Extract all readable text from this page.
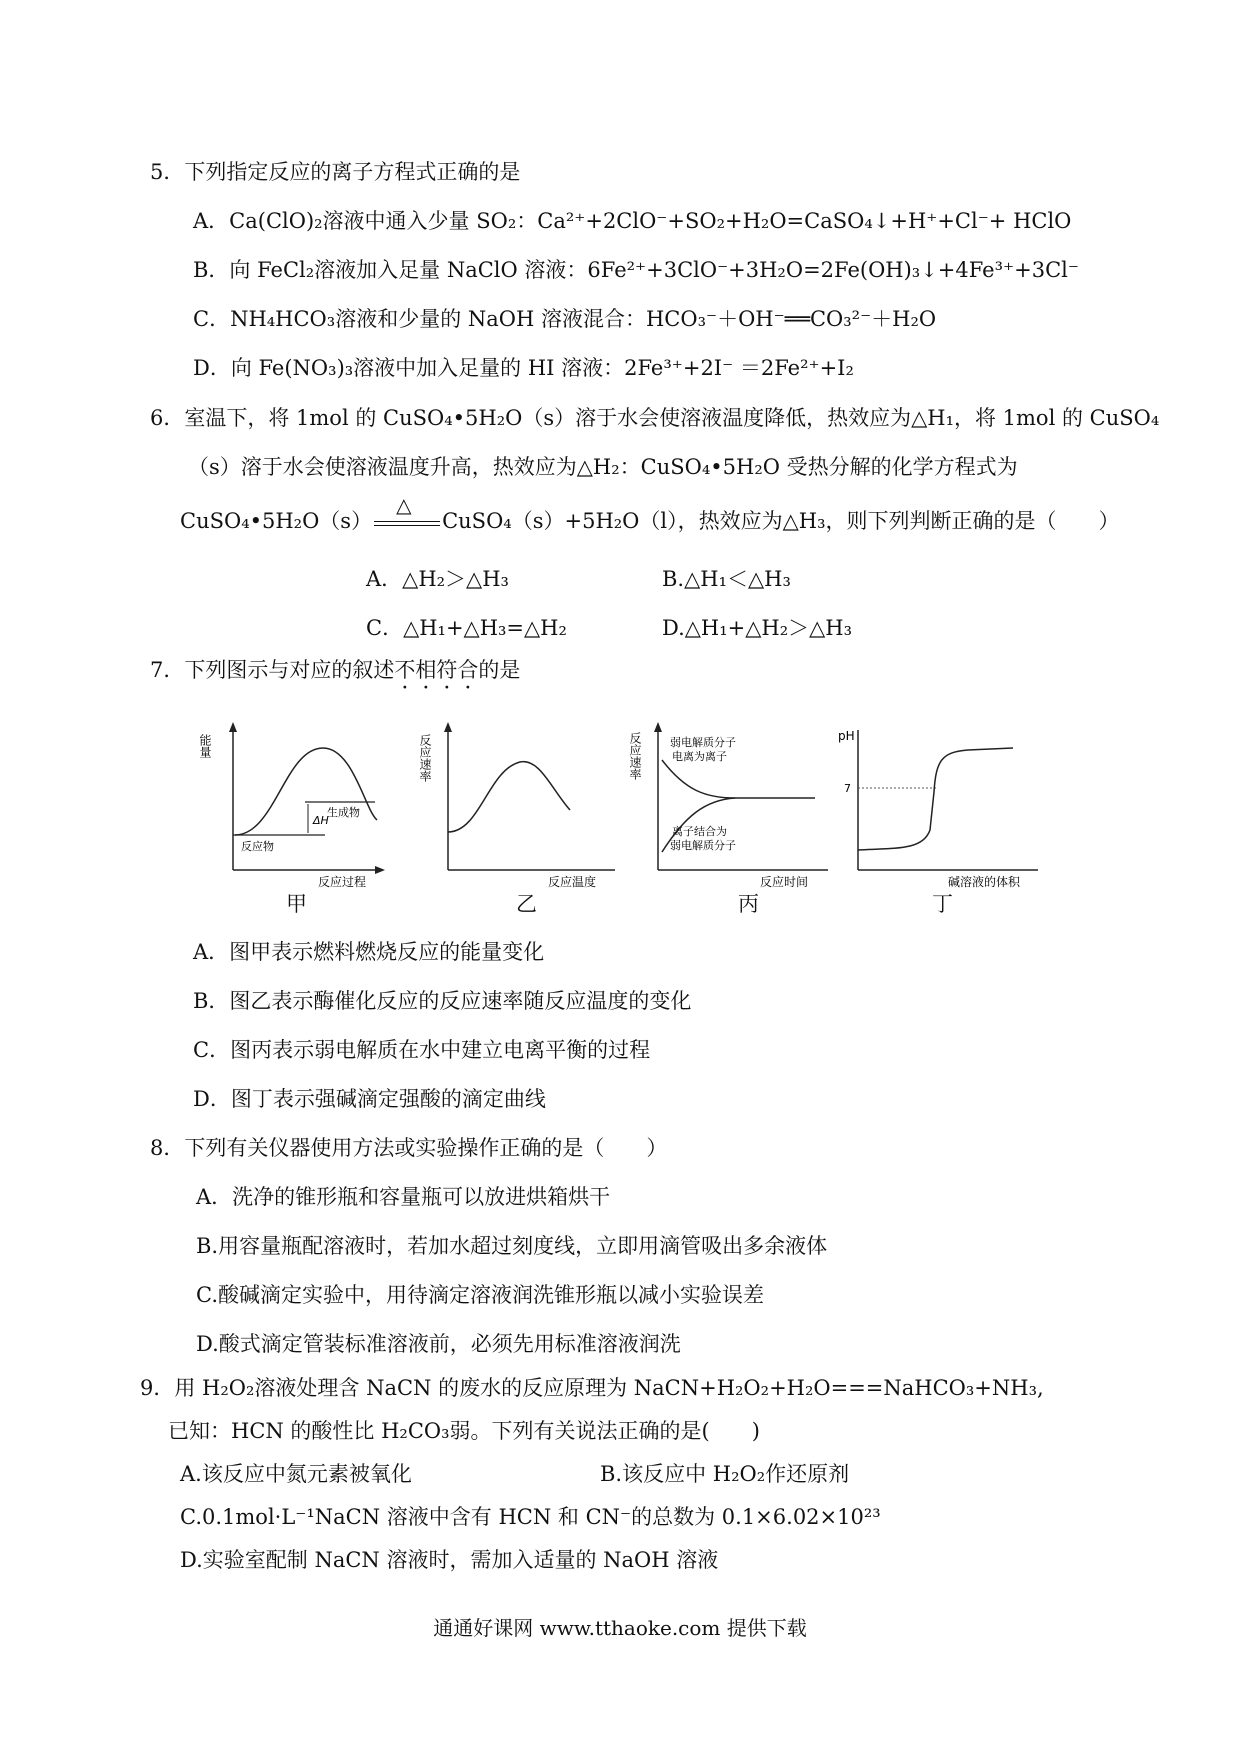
5．下列指定反应的离子方程式正确的是
A．Ca(ClO)₂溶液中通入少量 SO₂：Ca²⁺+2ClO⁻+SO₂+H₂O=CaSO₄↓+H⁺+Cl⁻+ HClO
B．向 FeCl₂溶液加入足量 NaClO 溶液：6Fe²⁺+3ClO⁻+3H₂O=2Fe(OH)₃↓+4Fe³⁺+3Cl⁻
C．NH₄HCO₃溶液和少量的 NaOH 溶液混合：HCO₃⁻＋OH⁻══CO₃²⁻＋H₂O
D．向 Fe(NO₃)₃溶液中加入足量的 HI 溶液：2Fe³⁺+2I⁻ ＝2Fe²⁺+I₂
6．室温下，将 1mol 的 CuSO₄•5H₂O（s）溶于水会使溶液温度降低，热效应为△H₁，将 1mol 的 CuSO₄
（s）溶于水会使溶液温度升高，热效应为△H₂：CuSO₄•5H₂O 受热分解的化学方程式为
CuSO₄•5H₂O（s）
△
CuSO₄（s）+5H₂O（l），热效应为△H₃，则下列判断正确的是（　　）
A．△H₂＞△H₃	B.△H₁＜△H₃
C．△H₁+△H₃=△H₂	D.△H₁+△H₂＞△H₃
7．下列图示与对应的叙述不相符合的是
ΔH
生成物
反应物
反应过程
能量
甲
反应温度
反应速率
乙
弱电解质分子
电离为离子
离子结合为
弱电解质分子
反应时间
反应速率
丙
pH
7
碱溶液的体积
丁
A．图甲表示燃料燃烧反应的能量变化
B．图乙表示酶催化反应的反应速率随反应温度的变化
C．图丙表示弱电解质在水中建立电离平衡的过程
D．图丁表示强碱滴定强酸的滴定曲线
8．下列有关仪器使用方法或实验操作正确的是（　　）
A．洗净的锥形瓶和容量瓶可以放进烘箱烘干
B.用容量瓶配溶液时，若加水超过刻度线，立即用滴管吸出多余液体
C.酸碱滴定实验中，用待滴定溶液润洗锥形瓶以减小实验误差
D.酸式滴定管装标准溶液前，必须先用标准溶液润洗
9．用 H₂O₂溶液处理含 NaCN 的废水的反应原理为 NaCN+H₂O₂+H₂O===NaHCO₃+NH₃,
已知：HCN 的酸性比 H₂CO₃弱。下列有关说法正确的是(　　)
A.该反应中氮元素被氧化	B.该反应中 H₂O₂作还原剂
C.0.1mol·L⁻¹NaCN 溶液中含有 HCN 和 CN⁻的总数为 0.1×6.02×10²³
D.实验室配制 NaCN 溶液时，需加入适量的 NaOH 溶液
通通好课网 www.tthaoke.com 提供下载
